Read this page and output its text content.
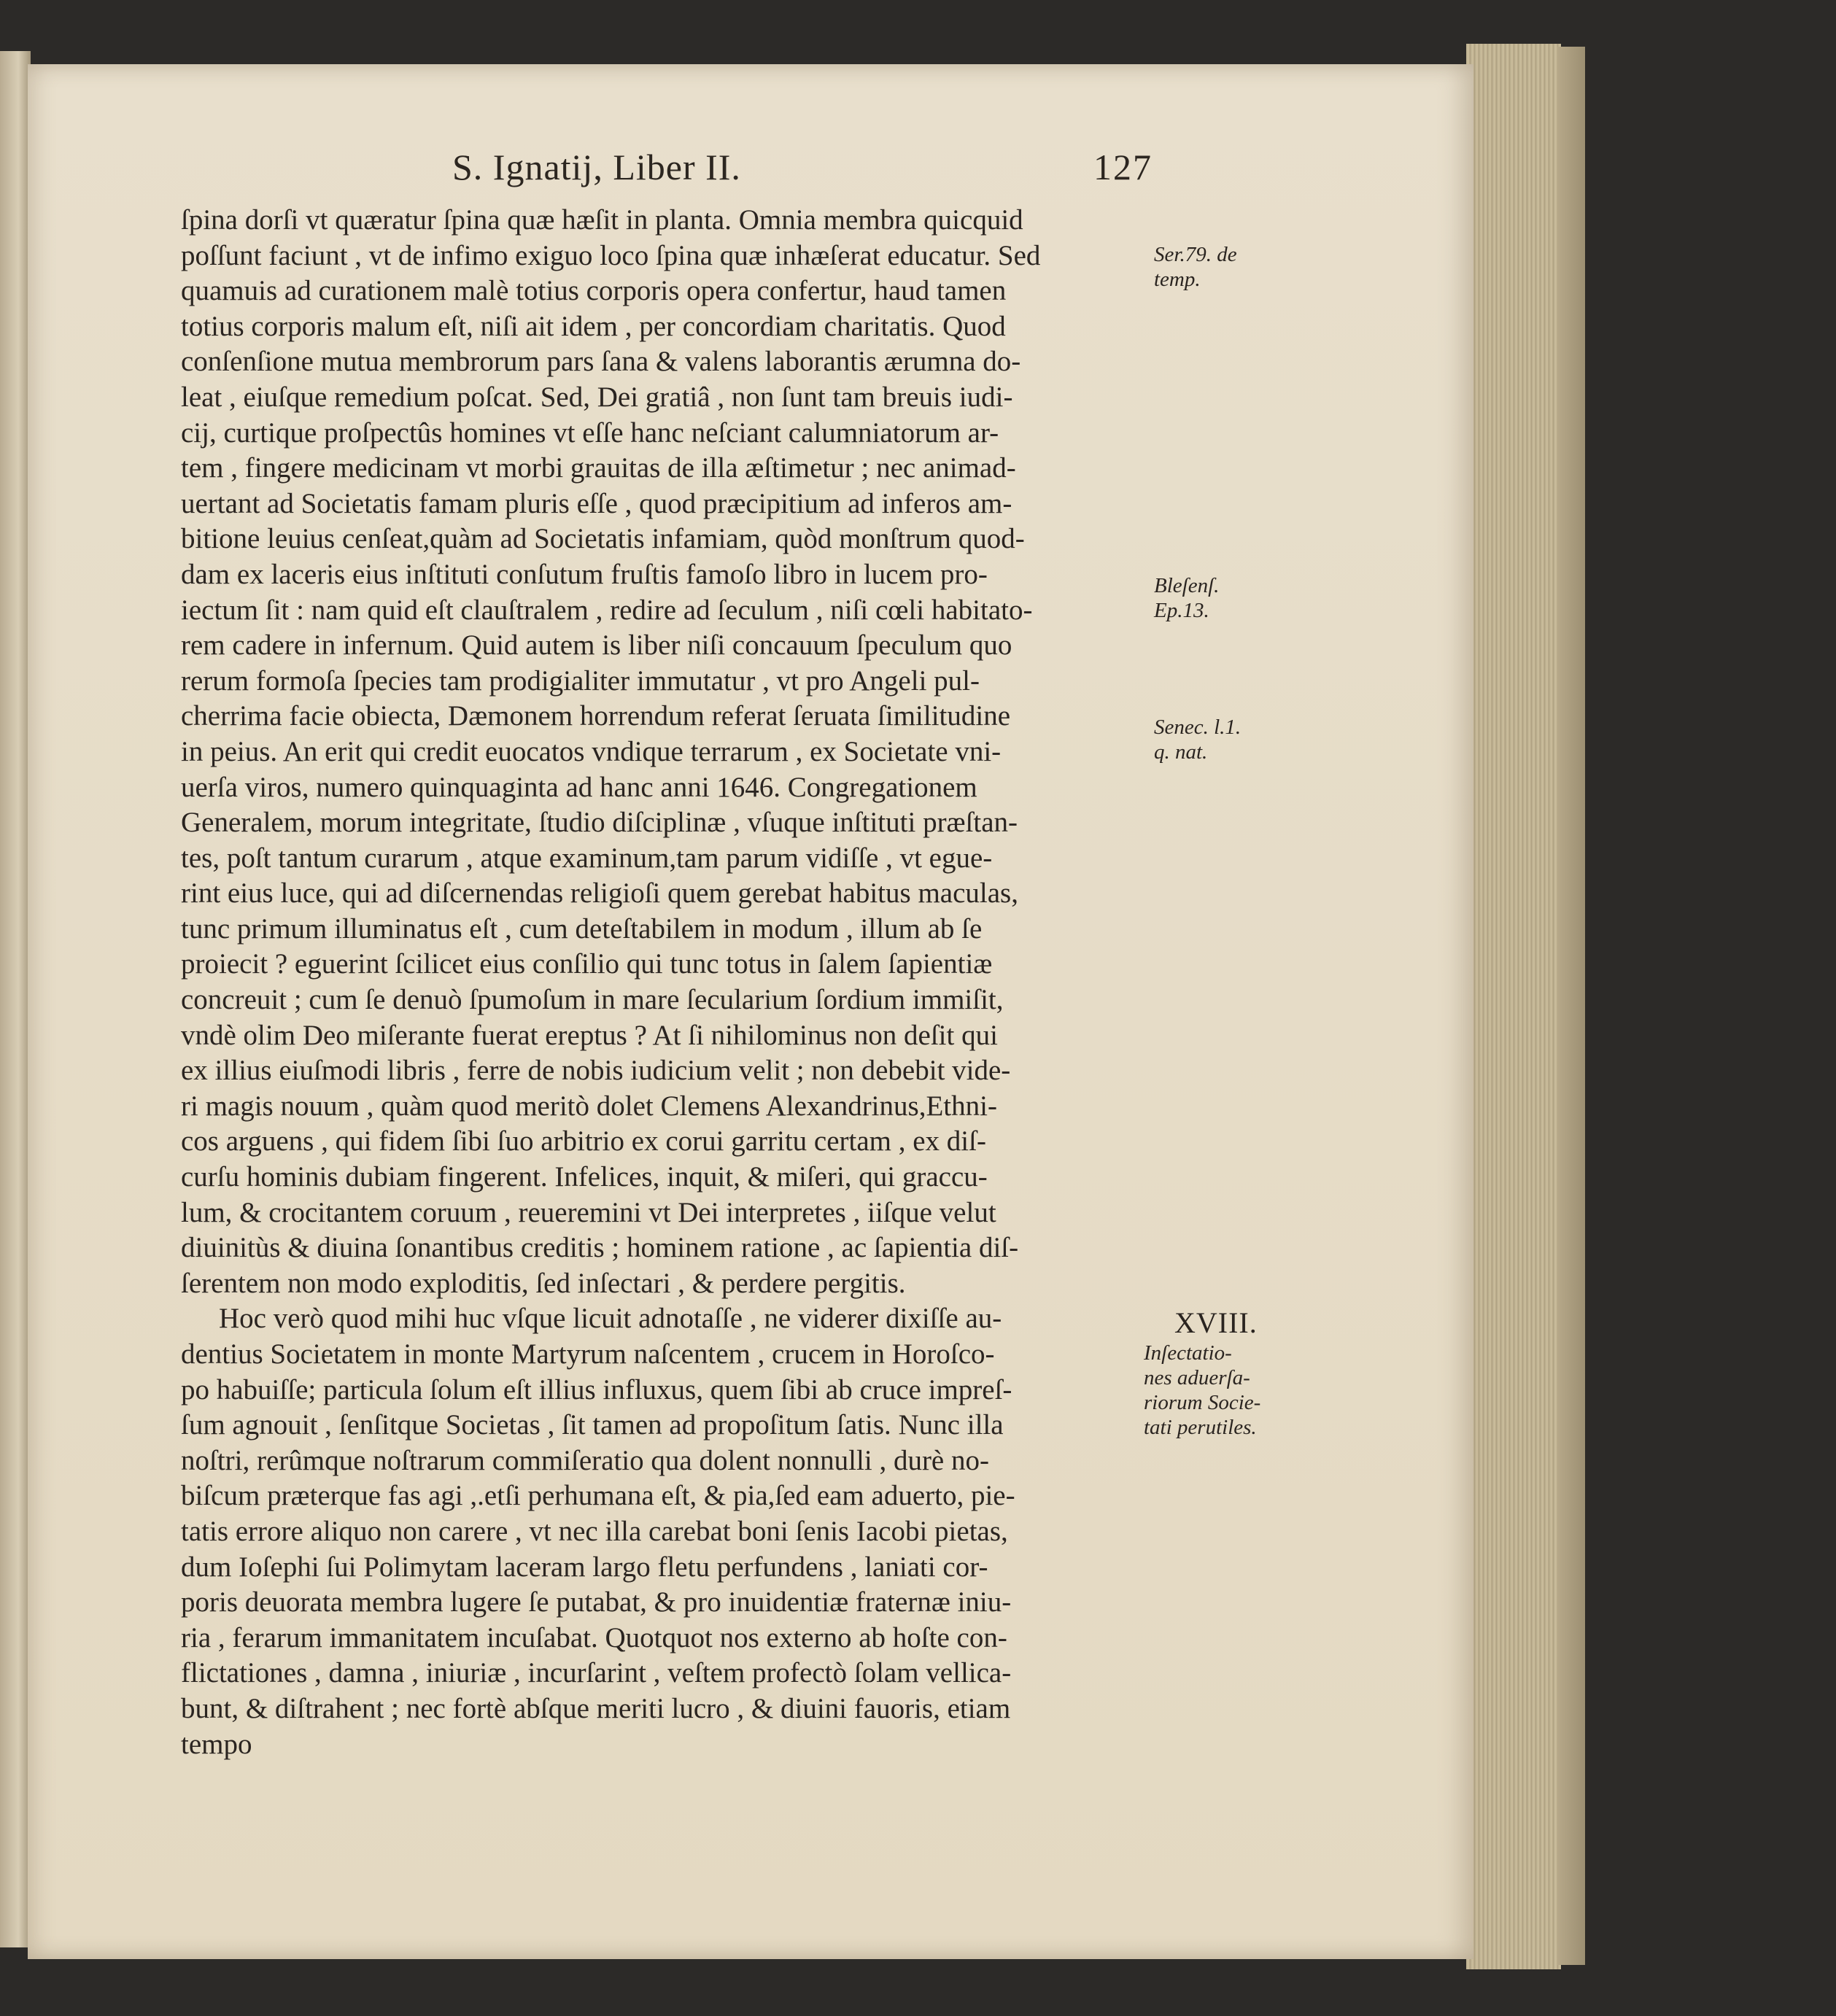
S. Ignatij, Liber II.	127
ſpina dorſi vt quæratur ſpina quæ hæſit in planta. Omnia membra quicquid
poſſunt faciunt , vt de infimo exiguo loco ſpina quæ inhæſerat educatur. Sed
quamuis ad curationem malè totius corporis opera confertur, haud tamen
totius corporis malum eſt, niſi ait idem , per concordiam charitatis. Quod
conſenſione mutua membrorum pars ſana & valens laborantis ærumna do-
leat , eiuſque remedium poſcat. Sed, Dei gratiâ , non ſunt tam breuis iudi-
cij, curtique proſpectûs homines vt eſſe hanc neſciant calumniatorum ar-
tem , fingere medicinam vt morbi grauitas de illa æſtimetur ; nec animad-
uertant ad Societatis famam pluris eſſe , quod præcipitium ad inferos am-
bitione leuius cenſeat,quàm ad Societatis infamiam, quòd monſtrum quod-
dam ex laceris eius inſtituti conſutum fruſtis famoſo libro in lucem pro-
iectum ſit : nam quid eſt clauſtralem , redire ad ſeculum , niſi cœli habitato-
rem cadere in infernum. Quid autem is liber niſi concauum ſpeculum quo
rerum formoſa ſpecies tam prodigialiter immutatur , vt pro Angeli pul-
cherrima facie obiecta, Dæmonem horrendum referat ſeruata ſimilitudine
in peius. An erit qui credit euocatos vndique terrarum , ex Societate vni-
uerſa viros, numero quinquaginta ad hanc anni 1646. Congregationem
Generalem, morum integritate, ſtudio diſciplinæ , vſuque inſtituti præſtan-
tes, poſt tantum curarum , atque examinum,tam parum vidiſſe , vt egue-
rint eius luce, qui ad diſcernendas religioſi quem gerebat habitus maculas,
tunc primum illuminatus eſt , cum deteſtabilem in modum , illum ab ſe
proiecit ? eguerint ſcilicet eius conſilio qui tunc totus in ſalem ſapientiæ
concreuit ; cum ſe denuò ſpumoſum in mare ſecularium ſordium immiſit,
vndè olim Deo miſerante fuerat ereptus ? At ſi nihilominus non deſit qui
ex illius eiuſmodi libris , ferre de nobis iudicium velit ; non debebit vide-
ri magis nouum , quàm quod meritò dolet Clemens Alexandrinus,Ethni-
cos arguens , qui fidem ſibi ſuo arbitrio ex corui garritu certam , ex diſ-
curſu hominis dubiam fingerent. Infelices, inquit, & miſeri, qui graccu-
lum, & crocitantem coruum , reueremini vt Dei interpretes , iiſque velut
diuinitùs & diuina ſonantibus creditis ; hominem ratione , ac ſapientia diſ-
ſerentem non modo exploditis, ſed inſectari , & perdere pergitis.
Hoc verò quod mihi huc vſque licuit adnotaſſe , ne viderer dixiſſe au-
dentius Societatem in monte Martyrum naſcentem , crucem in Horoſco-
po habuiſſe; particula ſolum eſt illius influxus, quem ſibi ab cruce impreſ-
ſum agnouit , ſenſitque Societas , ſit tamen ad propoſitum ſatis. Nunc illa
noſtri, rerûmque noſtrarum commiſeratio qua dolent nonnulli , durè no-
biſcum præterque fas agi ,.etſi perhumana eſt, & pia,ſed eam aduerto, pie-
tatis errore aliquo non carere , vt nec illa carebat boni ſenis Iacobi pietas,
dum Ioſephi ſui Polimytam laceram largo fletu perfundens , laniati cor-
poris deuorata membra lugere ſe putabat, & pro inuidentiæ fraternæ iniu-
ria , ferarum immanitatem incuſabat. Quotquot nos externo ab hoſte con-
flictationes , damna , iniuriæ , incurſarint , veſtem profectò ſolam vellica-
bunt, & diſtrahent ; nec fortè abſque meriti lucro , & diuini fauoris, etiam
tempo
Ser.79. de
temp.
Bleſenſ.
Ep.13.
Senec. l.1.
q. nat.
XVIII.
Inſectatio-
nes aduerſa-
riorum Socie-
tati perutiles.
